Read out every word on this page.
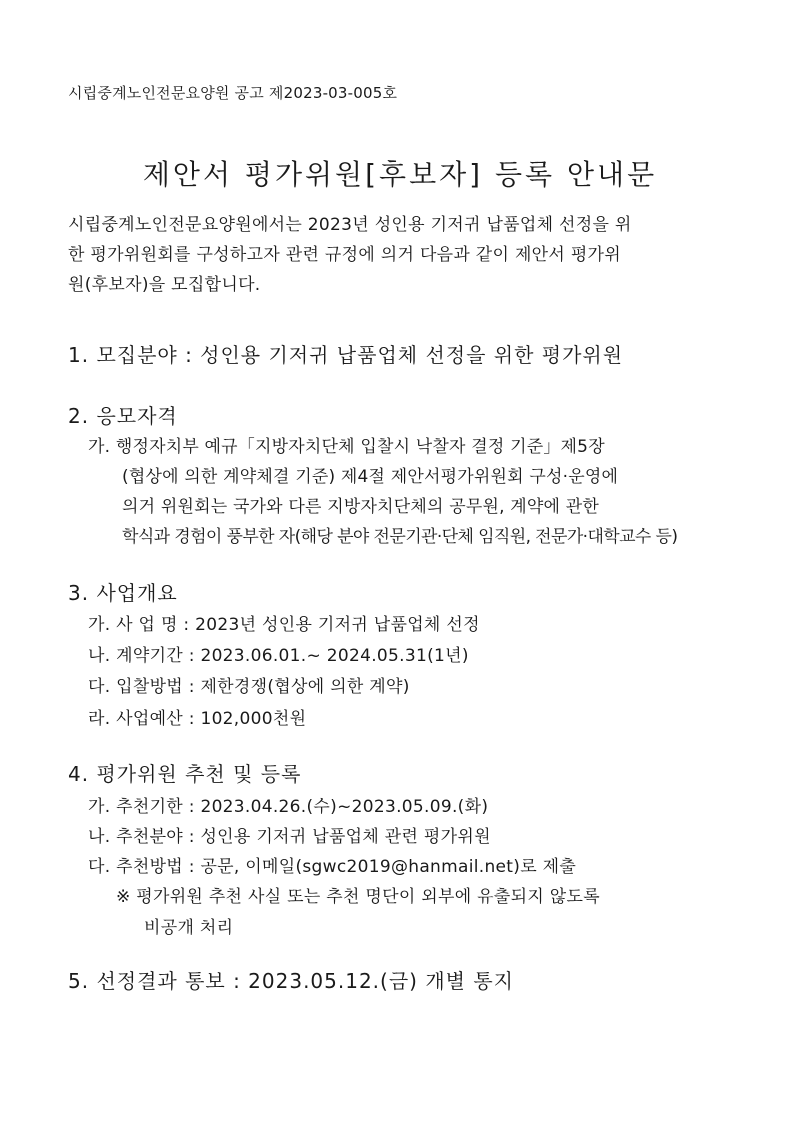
시립중계노인전문요양원 공고 제2023-03-005호
제안서 평가위원[후보자] 등록 안내문

시립중계노인전문요양원에서는 2023년 성인용 기저귀 납품업체 선정을 위

한 평가위원회를 구성하고자 관련 규정에 의거 다음과 같이 제안서 평가위

원(후보자)을 모집합니다.

1. 모집분야 : 성인용 기저귀 납품업체 선정을 위한 평가위원
2. 응모자격
가. 행정자치부 예규「지방자치단체 입찰시 낙찰자 결정 기준」제5장
(협상에 의한 계약체결 기준) 제4절 제안서평가위원회 구성·운영에
의거 위원회는 국가와 다른 지방자치단체의 공무원, 계약에 관한
학식과 경험이 풍부한 자(해당 분야 전문기관·단체 임직원, 전문가·대학교수 등)
3. 사업개요
가. 사 업 명 : 2023년 성인용 기저귀 납품업체 선정
나. 계약기간 : 2023.06.01.~ 2024.05.31(1년)
다. 입찰방법 : 제한경쟁(협상에 의한 계약)
라. 사업예산 : 102,000천원
4. 평가위원 추천 및 등록
가. 추천기한 : 2023.04.26.(수)~2023.05.09.(화)
나. 추천분야 : 성인용 기저귀 납품업체 관련 평가위원
다. 추천방법 : 공문, 이메일(sgwc2019@hanmail.net)로 제출
※ 평가위원 추천 사실 또는 추천 명단이 외부에 유출되지 않도록
비공개 처리
5. 선정결과 통보 : 2023.05.12.(금) 개별 통지
